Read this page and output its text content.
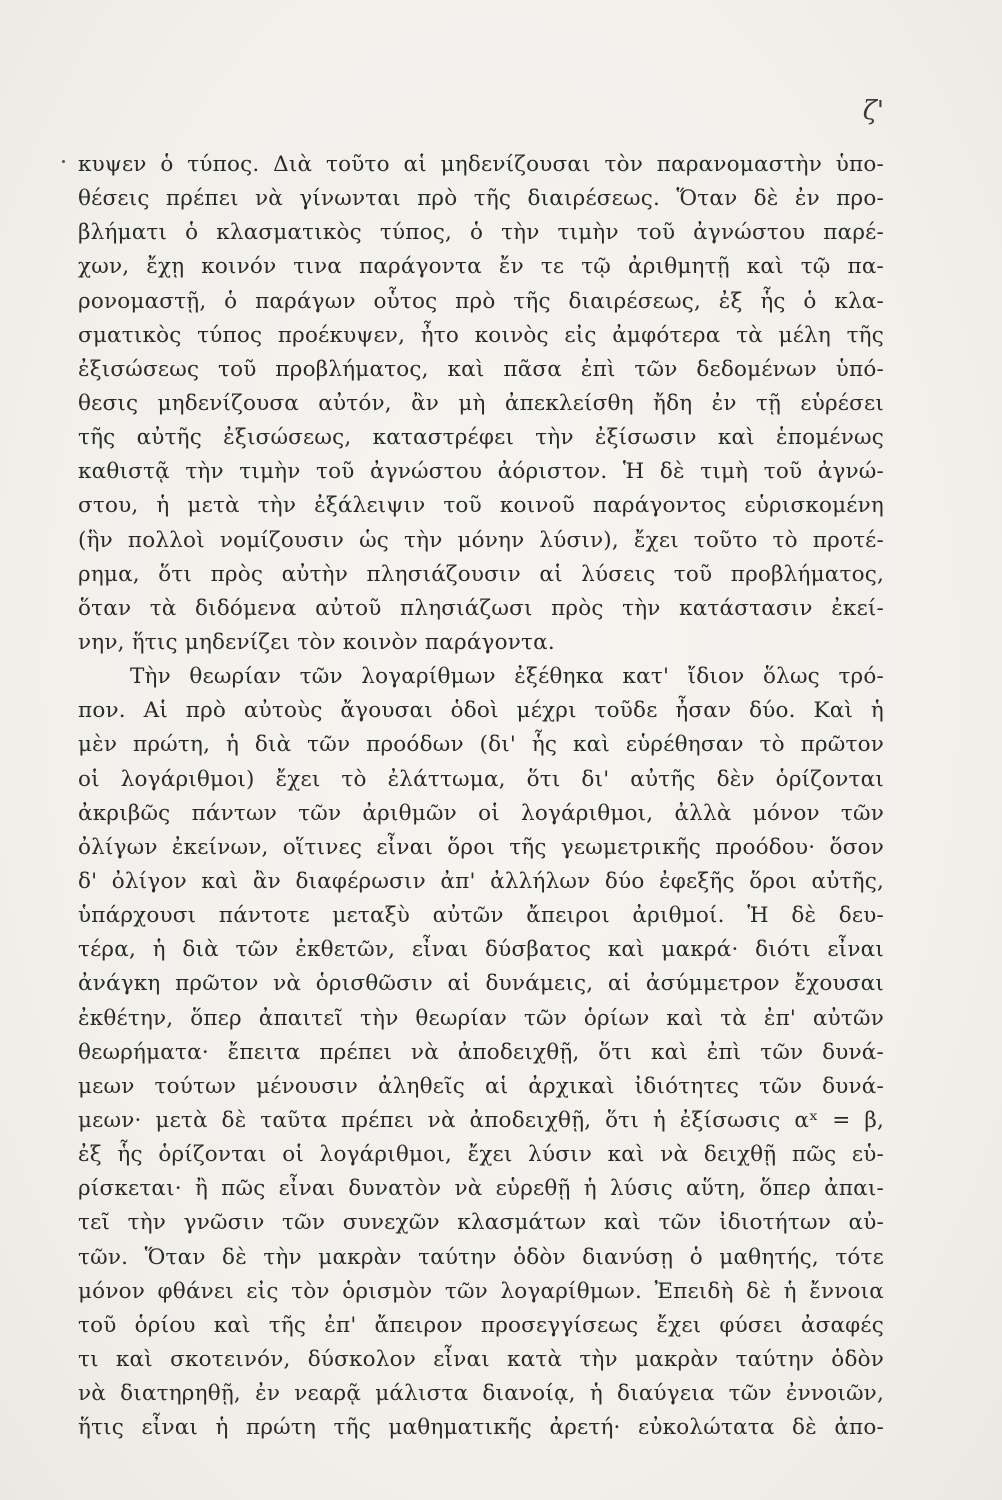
ζ'
κυψεν ὁ τύπος. Διὰ τοῦτο αἱ μηδενίζουσαι τὸν παρανομαστὴν ὑπο-
θέσεις πρέπει νὰ γίνωνται πρὸ τῆς διαιρέσεως. Ὅταν δὲ ἐν προ-
βλήματι ὁ κλασματικὸς τύπος, ὁ τὴν τιμὴν τοῦ ἀγνώστου παρέ-
χων, ἔχῃ κοινόν τινα παράγοντα ἔν τε τῷ ἀριθμητῇ καὶ τῷ πα-
ρονομαστῇ, ὁ παράγων οὗτος πρὸ τῆς διαιρέσεως, ἐξ ἧς ὁ κλα-
σματικὸς τύπος προέκυψεν, ἦτο κοινὸς εἰς ἀμφότερα τὰ μέλη τῆς
ἐξισώσεως τοῦ προβλήματος, καὶ πᾶσα ἐπὶ τῶν δεδομένων ὑπό-
θεσις μηδενίζουσα αὐτόν, ἂν μὴ ἀπεκλείσθη ἤδη ἐν τῇ εὑρέσει
τῆς αὐτῆς ἐξισώσεως, καταστρέφει τὴν ἐξίσωσιν καὶ ἑπομένως
καθιστᾷ τὴν τιμὴν τοῦ ἀγνώστου ἀόριστον. Ἡ δὲ τιμὴ τοῦ ἀγνώ-
στου, ἡ μετὰ τὴν ἐξάλειψιν τοῦ κοινοῦ παράγοντος εὑρισκομένη
(ἣν πολλοὶ νομίζουσιν ὡς τὴν μόνην λύσιν), ἔχει τοῦτο τὸ προτέ-
ρημα, ὅτι πρὸς αὐτὴν πλησιάζουσιν αἱ λύσεις τοῦ προβλήματος,
ὅταν τὰ διδόμενα αὐτοῦ πλησιάζωσι πρὸς τὴν κατάστασιν ἐκεί-
νην, ἥτις μηδενίζει τὸν κοινὸν παράγοντα.
Τὴν θεωρίαν τῶν λογαρίθμων ἐξέθηκα κατ' ἴδιον ὅλως τρό-
πον. Αἱ πρὸ αὐτοὺς ἄγουσαι ὁδοὶ μέχρι τοῦδε ἦσαν δύο. Καὶ ἡ
μὲν πρώτη, ἡ διὰ τῶν προόδων (δι' ἧς καὶ εὑρέθησαν τὸ πρῶτον
οἱ λογάριθμοι) ἔχει τὸ ἐλάττωμα, ὅτι δι' αὐτῆς δὲν ὁρίζονται
ἀκριβῶς πάντων τῶν ἀριθμῶν οἱ λογάριθμοι, ἀλλὰ μόνον τῶν
ὀλίγων ἐκείνων, οἵτινες εἶναι ὅροι τῆς γεωμετρικῆς προόδου· ὅσον
δ' ὀλίγον καὶ ἂν διαφέρωσιν ἀπ' ἀλλήλων δύο ἐφεξῆς ὅροι αὐτῆς,
ὑπάρχουσι πάντοτε μεταξὺ αὐτῶν ἄπειροι ἀριθμοί. Ἡ δὲ δευ-
τέρα, ἡ διὰ τῶν ἐκθετῶν, εἶναι δύσβατος καὶ μακρά· διότι εἶναι
ἀνάγκη πρῶτον νὰ ὁρισθῶσιν αἱ δυνάμεις, αἱ ἀσύμμετρον ἔχουσαι
ἐκθέτην, ὅπερ ἀπαιτεῖ τὴν θεωρίαν τῶν ὁρίων καὶ τὰ ἐπ' αὐτῶν
θεωρήματα· ἔπειτα πρέπει νὰ ἀποδειχθῇ, ὅτι καὶ ἐπὶ τῶν δυνά-
μεων τούτων μένουσιν ἀληθεῖς αἱ ἀρχικαὶ ἰδιότητες τῶν δυνά-
μεων· μετὰ δὲ ταῦτα πρέπει νὰ ἀποδειχθῇ, ὅτι ἡ ἐξίσωσις αˣ = β,
ἐξ ἧς ὁρίζονται οἱ λογάριθμοι, ἔχει λύσιν καὶ νὰ δειχθῇ πῶς εὑ-
ρίσκεται· ἢ πῶς εἶναι δυνατὸν νὰ εὑρεθῇ ἡ λύσις αὕτη, ὅπερ ἀπαι-
τεῖ τὴν γνῶσιν τῶν συνεχῶν κλασμάτων καὶ τῶν ἰδιοτήτων αὐ-
τῶν. Ὅταν δὲ τὴν μακρὰν ταύτην ὁδὸν διανύσῃ ὁ μαθητής, τότε
μόνον φθάνει εἰς τὸν ὁρισμὸν τῶν λογαρίθμων. Ἐπειδὴ δὲ ἡ ἔννοια
τοῦ ὁρίου καὶ τῆς ἐπ' ἄπειρον προσεγγίσεως ἔχει φύσει ἀσαφές
τι καὶ σκοτεινόν, δύσκολον εἶναι κατὰ τὴν μακρὰν ταύτην ὁδὸν
νὰ διατηρηθῇ, ἐν νεαρᾷ μάλιστα διανοίᾳ, ἡ διαύγεια τῶν ἐννοιῶν,
ἥτις εἶναι ἡ πρώτη τῆς μαθηματικῆς ἀρετή· εὐκολώτατα δὲ ἀπο-
